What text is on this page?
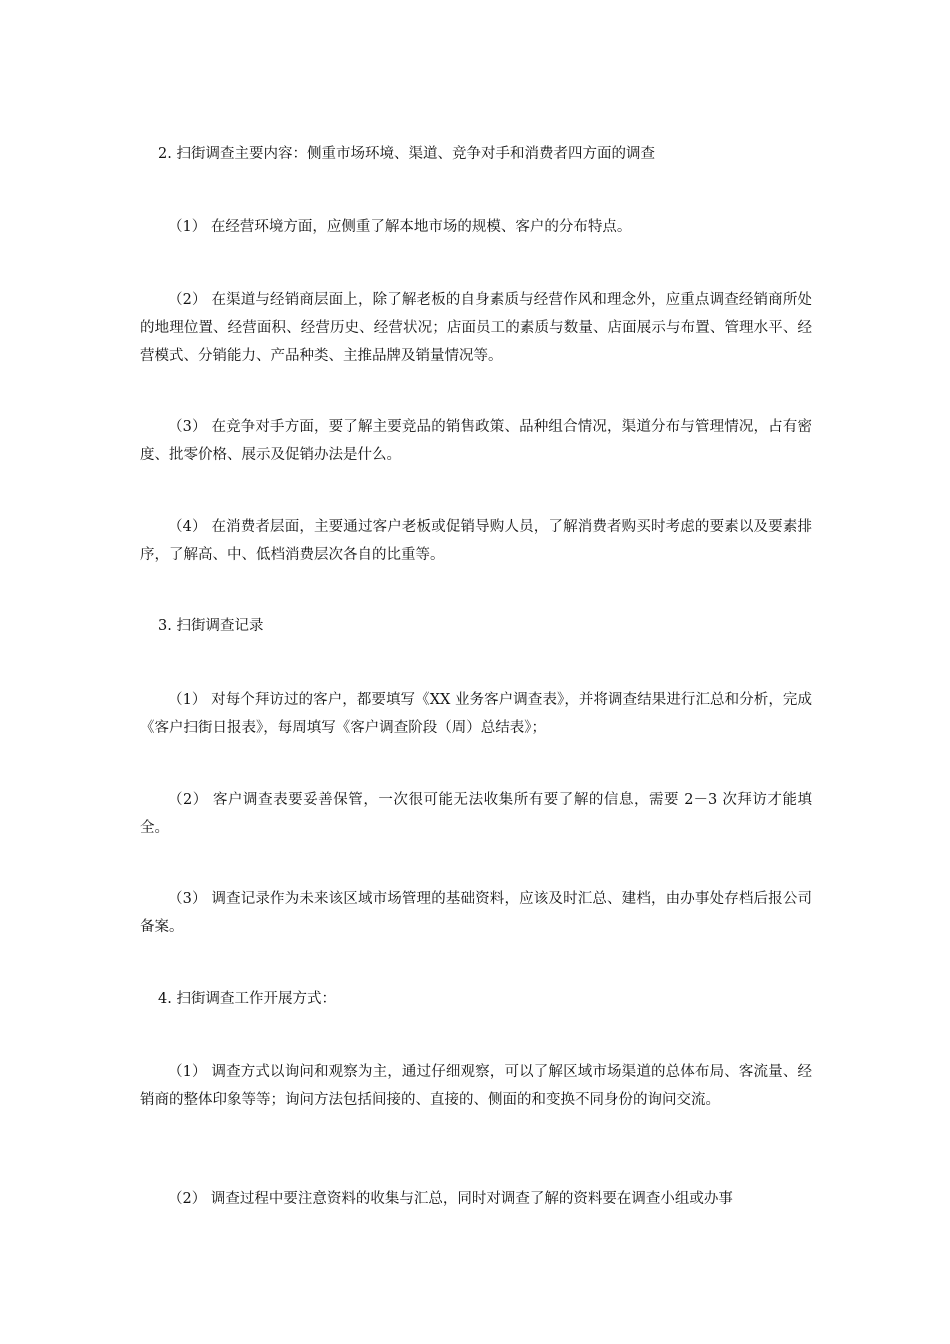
2. 扫街调查主要内容：侧重市场环境、渠道、竞争对手和消费者四方面的调查

（1） 在经营环境方面，应侧重了解本地市场的规模、客户的分布特点。

（2） 在渠道与经销商层面上，除了解老板的自身素质与经营作风和理念外，应重点调查经销商所处的地理位置、经营面积、经营历史、经营状况；店面员工的素质与数量、店面展示与布置、管理水平、经营模式、分销能力、产品种类、主推品牌及销量情况等。

（3） 在竞争对手方面，要了解主要竞品的销售政策、品种组合情况，渠道分布与管理情况，占有密度、批零价格、展示及促销办法是什么。

（4） 在消费者层面，主要通过客户老板或促销导购人员，了解消费者购买时考虑的要素以及要素排序，了解高、中、低档消费层次各自的比重等。

3. 扫街调查记录

（1） 对每个拜访过的客户，都要填写《XX 业务客户调查表》，并将调查结果进行汇总和分析，完成《客户扫街日报表》，每周填写《客户调查阶段（周）总结表》；

（2） 客户调查表要妥善保管，一次很可能无法收集所有要了解的信息，需要 2－3 次拜访才能填全。

（3） 调查记录作为未来该区域市场管理的基础资料，应该及时汇总、建档，由办事处存档后报公司备案。

4. 扫街调查工作开展方式：

（1） 调查方式以询问和观察为主，通过仔细观察，可以了解区域市场渠道的总体布局、客流量、经销商的整体印象等等；询问方法包括间接的、直接的、侧面的和变换不同身份的询问交流。

（2） 调查过程中要注意资料的收集与汇总，同时对调查了解的资料要在调查小组或办事
